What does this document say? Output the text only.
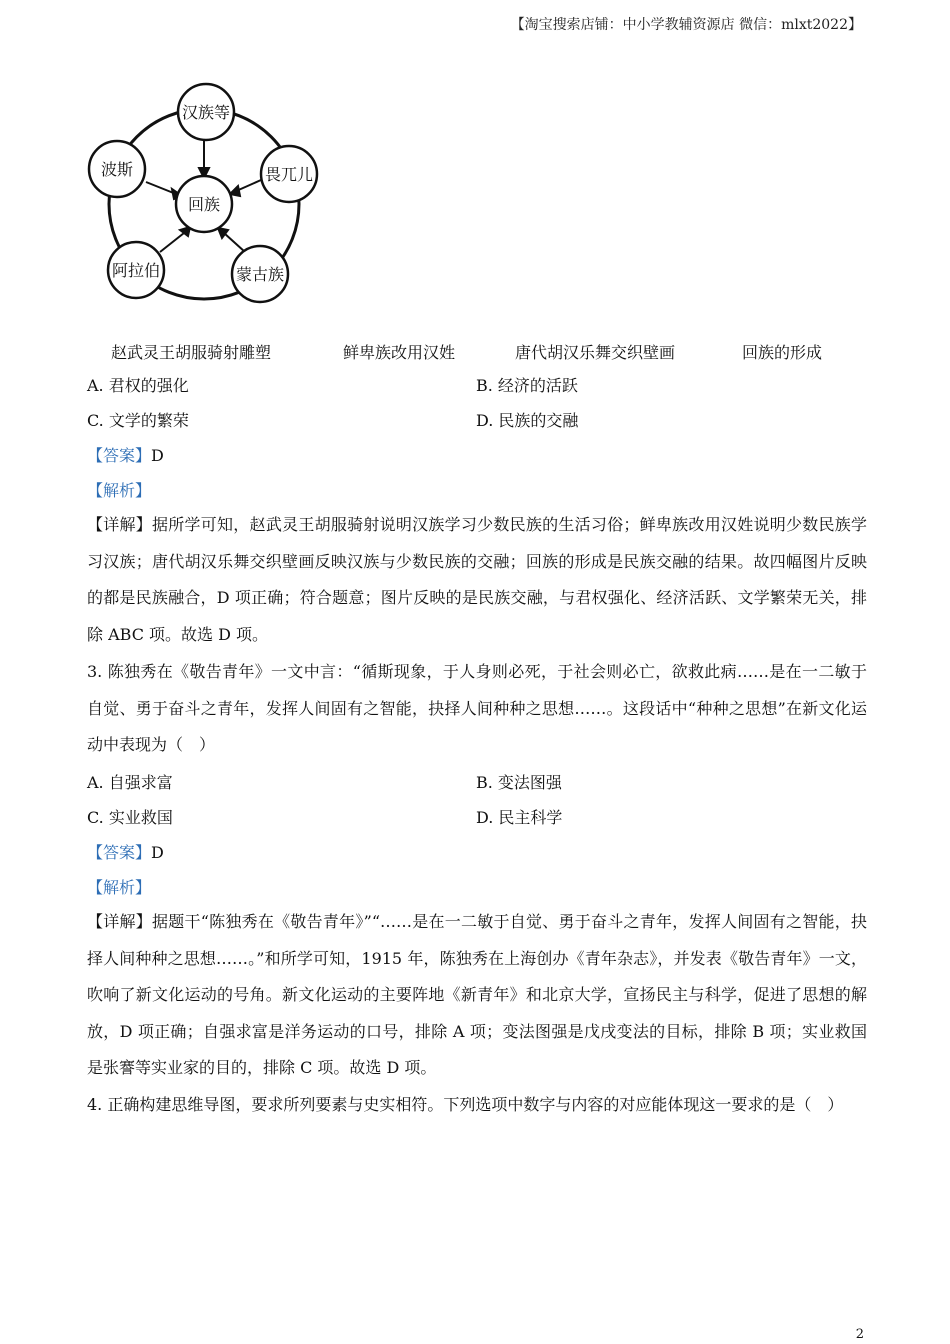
【淘宝搜索店铺：中小学教辅资源店 微信：mlxt2022】
回族
汉族等
畏兀儿
蒙古族
阿拉伯
波斯
赵武灵王胡服骑射雕塑	鲜卑族改用汉姓	唐代胡汉乐舞交织壁画	回族的形成
A. 君权的强化	B. 经济的活跃
C. 文学的繁荣	D. 民族的交融
【答案】D
【解析】
【详解】据所学可知，赵武灵王胡服骑射说明汉族学习少数民族的生活习俗；鲜卑族改用汉姓说明少数民族学习汉族；唐代胡汉乐舞交织壁画反映汉族与少数民族的交融；回族的形成是民族交融的结果。故四幅图片反映的都是民族融合，D 项正确；符合题意；图片反映的是民族交融，与君权强化、经济活跃、文学繁荣无关，排除 ABC 项。故选 D 项。
3. 陈独秀在《敬告青年》一文中言：“循斯现象，于人身则必死，于社会则必亡，欲救此病……是在一二敏于自觉、勇于奋斗之青年，发挥人间固有之智能，抉择人间种种之思想……。这段话中“种种之思想”在新文化运动中表现为（　）
A. 自强求富	B. 变法图强
C. 实业救国	D. 民主科学
【答案】D
【解析】
【详解】据题干“陈独秀在《敬告青年》”“……是在一二敏于自觉、勇于奋斗之青年，发挥人间固有之智能，抉择人间种种之思想……。”和所学可知，1915 年，陈独秀在上海创办《青年杂志》，并发表《敬告青年》一文，吹响了新文化运动的号角。新文化运动的主要阵地《新青年》和北京大学，宣扬民主与科学，促进了思想的解放，D 项正确；自强求富是洋务运动的口号，排除 A 项；变法图强是戊戌变法的目标，排除 B 项；实业救国是张謇等实业家的目的，排除 C 项。故选 D 项。
4. 正确构建思维导图，要求所列要素与史实相符。下列选项中数字与内容的对应能体现这一要求的是（　）
2
